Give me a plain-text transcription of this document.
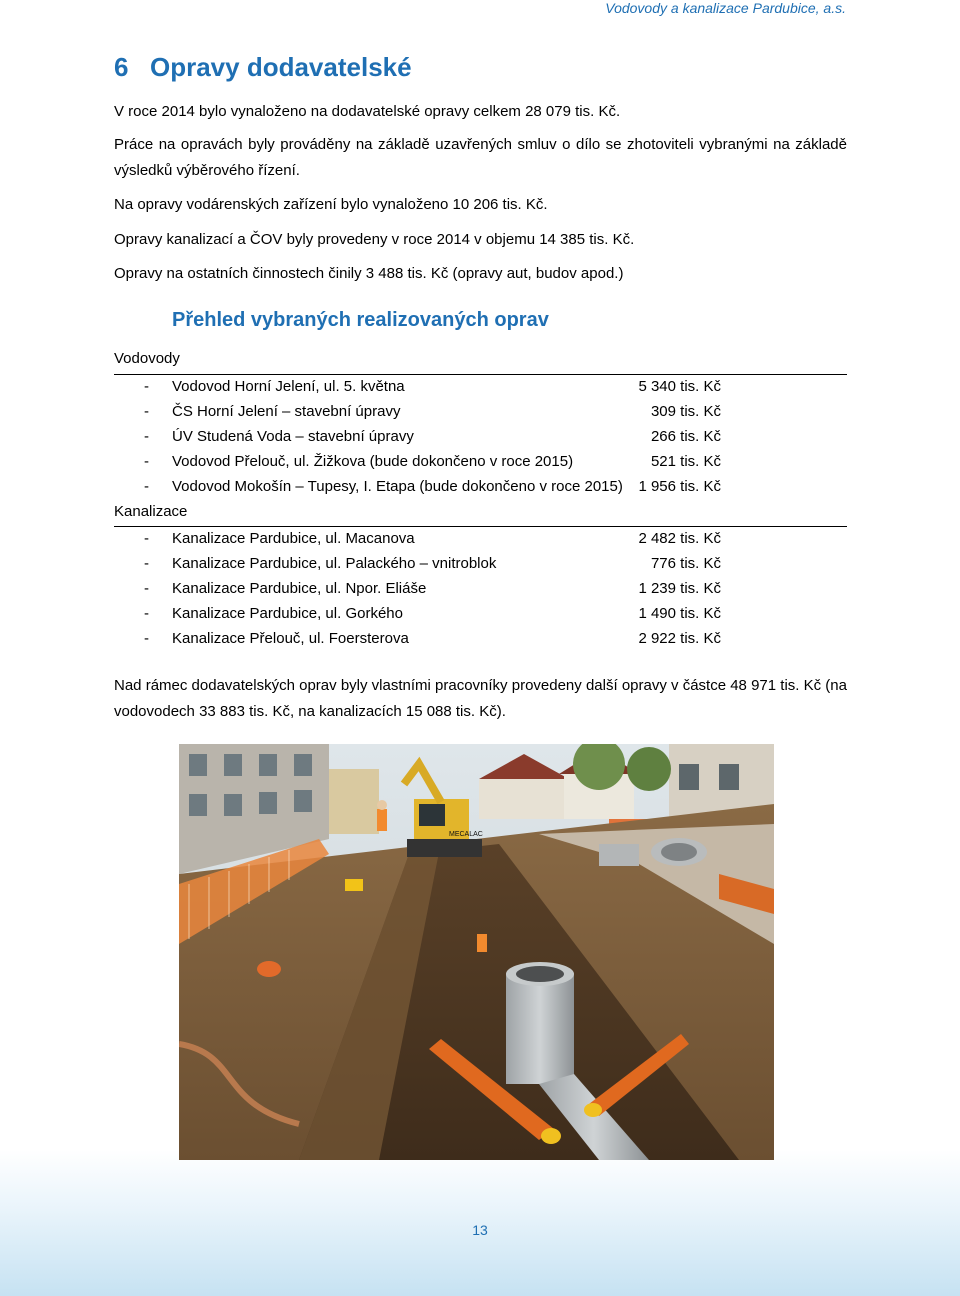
Vodovody a kanalizace Pardubice, a.s.
6 Opravy dodavatelské
V roce 2014 bylo vynaloženo na dodavatelské opravy celkem 28 079 tis. Kč.
Práce na opravách byly prováděny na základě uzavřených smluv o dílo se zhotoviteli vybranými na základě výsledků výběrového řízení.
Na opravy vodárenských zařízení bylo vynaloženo 10 206 tis. Kč.
Opravy kanalizací a ČOV byly provedeny v roce 2014 v objemu 14 385 tis. Kč.
Opravy na ostatních činnostech činily 3 488 tis. Kč (opravy aut, budov apod.)
Přehled vybraných realizovaných oprav
Vodovody
- Vodovod Horní Jelení, ul. 5. května	5 340 tis. Kč
- ČS Horní Jelení – stavební úpravy	309 tis. Kč
- ÚV Studená Voda – stavební úpravy	266 tis. Kč
- Vodovod Přelouč, ul. Žižkova (bude dokončeno v roce 2015)	521 tis. Kč
- Vodovod Mokošín – Tupesy, I. Etapa (bude dokončeno v roce 2015) 1 956 tis. Kč
Kanalizace
- Kanalizace Pardubice, ul. Macanova	2 482 tis. Kč
- Kanalizace Pardubice, ul. Palackého – vnitroblok	776 tis. Kč
- Kanalizace Pardubice, ul. Npor. Eliáše	1 239 tis. Kč
- Kanalizace Pardubice, ul. Gorkého	1 490 tis. Kč
- Kanalizace Přelouč, ul. Foersterova	2 922 tis. Kč
Nad rámec dodavatelských oprav byly vlastními pracovníky provedeny další opravy v částce 48 971 tis. Kč (na vodovodech 33 883 tis. Kč, na kanalizacích 15 088 tis. Kč).
MECALAC
13
